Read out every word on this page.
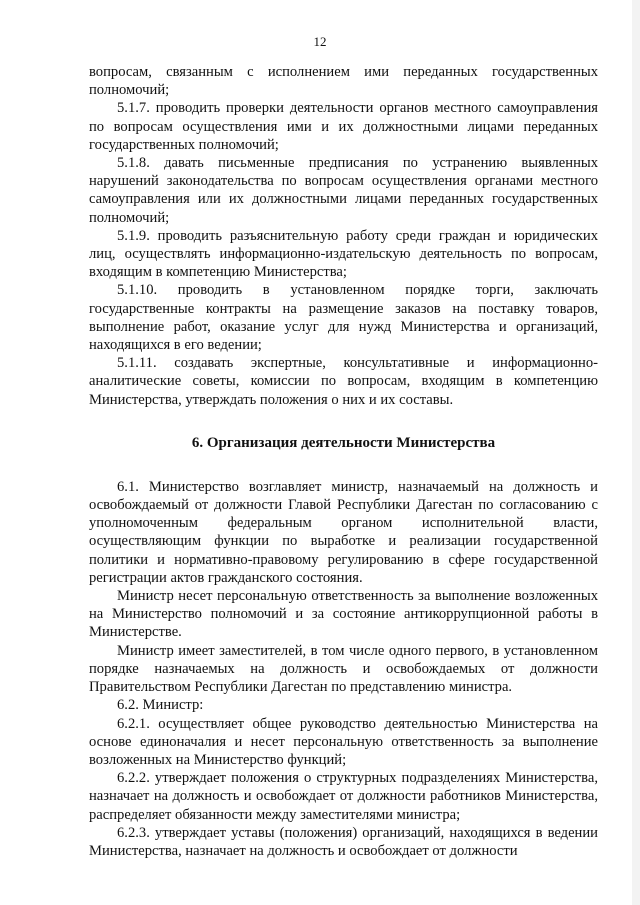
12

вопросам, связанным с исполнением ими переданных государственных полномочий;

5.1.7. проводить проверки деятельности органов местного самоуправления по вопросам осуществления ими и их должностными лицами переданных государственных полномочий;

5.1.8. давать письменные предписания по устранению выявленных нарушений законодательства по вопросам осуществления органами местного самоуправления или их должностными лицами переданных государственных полномочий;

5.1.9. проводить разъяснительную работу среди граждан и юридических лиц, осуществлять информационно-издательскую деятельность по вопросам, входящим в компетенцию Министерства;

5.1.10. проводить в установленном порядке торги, заключать государственные контракты на размещение заказов на поставку товаров, выполнение работ, оказание услуг для нужд Министерства и организаций, находящихся в его ведении;

5.1.11. создавать экспертные, консультативные и информационно-аналитические советы, комиссии по вопросам, входящим в компетенцию Министерства, утверждать положения о них и их составы.

6. Организация деятельности Министерства

6.1. Министерство возглавляет министр, назначаемый на должность и освобождаемый от должности Главой Республики Дагестан по согласованию с уполномоченным федеральным органом исполнительной власти, осуществляющим функции по выработке и реализации государственной политики и нормативно-правовому регулированию в сфере государственной регистрации актов гражданского состояния.

Министр несет персональную ответственность за выполнение возложенных на Министерство полномочий и за состояние антикоррупционной работы в Министерстве.

Министр имеет заместителей, в том числе одного первого, в установленном порядке назначаемых на должность и освобождаемых от должности Правительством Республики Дагестан по представлению министра.

6.2. Министр:

6.2.1. осуществляет общее руководство деятельностью Министерства на основе единоначалия и несет персональную ответственность за выполнение возложенных на Министерство функций;

6.2.2. утверждает положения о структурных подразделениях Министерства, назначает на должность и освобождает от должности работников Министерства, распределяет обязанности между заместителями министра;

6.2.3. утверждает уставы (положения) организаций, находящихся в ведении Министерства, назначает на должность и освобождает от должности
